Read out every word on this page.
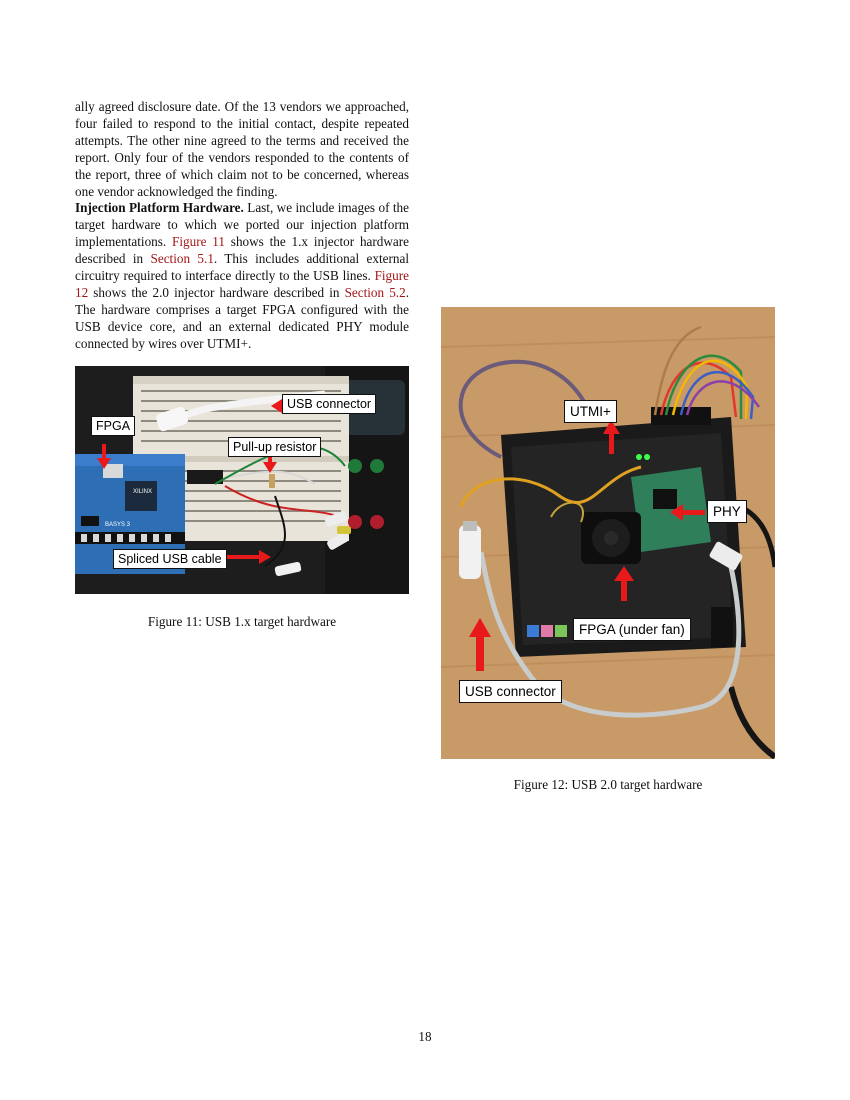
ally agreed disclosure date. Of the 13 vendors we approached, four failed to respond to the initial contact, despite repeated attempts. The other nine agreed to the terms and received the report. Only four of the vendors responded to the contents of the report, three of which claim not to be concerned, whereas one vendor acknowledged the finding.

Injection Platform Hardware. Last, we include images of the target hardware to which we ported our injection platform implementations. Figure 11 shows the 1.x injector hardware described in Section 5.1. This includes additional external circuitry required to interface directly to the USB lines. Figure 12 shows the 2.0 injector hardware described in Section 5.2. The hardware comprises a target FPGA configured with the USB device core, and an external dedicated PHY module connected by wires over UTMI+.

XILINX
BASYS 3
USB connector
FPGA
Pull-up resistor
Spliced USB cable
Figure 11: USB 1.x target hardware
UTMI+
PHY
FPGA (under fan)
USB connector
Figure 12: USB 2.0 target hardware
18
